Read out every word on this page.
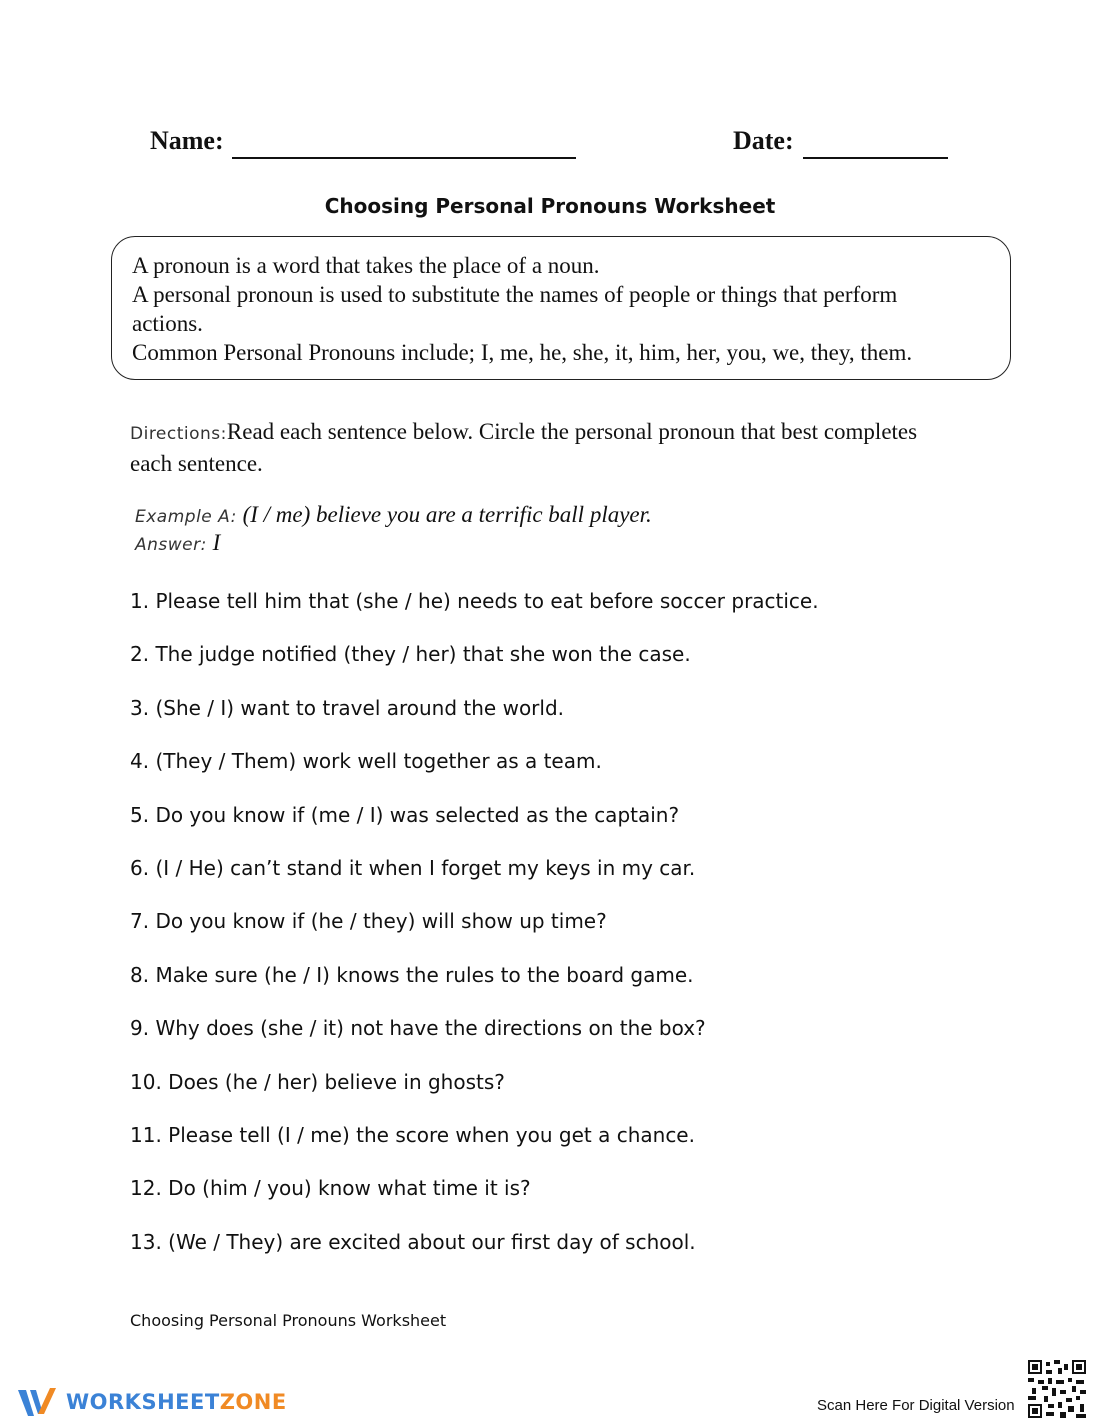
Name:	Date:
Choosing Personal Pronouns Worksheet
A pronoun is a word that takes the place of a noun.
A personal pronoun is used to substitute the names of people or things that perform
actions.
Common Personal Pronouns include; I, me, he, she, it, him, her, you, we, they, them.
Directions:Read each sentence below. Circle the personal pronoun that best completes each sentence.
Example A: (I / me) believe you are a terrific ball player.
Answer: I
1. Please tell him that (she / he) needs to eat before soccer practice.
2. The judge notified (they / her) that she won the case.
3. (She / I) want to travel around the world.
4. (They / Them) work well together as a team.
5. Do you know if (me / I) was selected as the captain?
6. (I / He) can’t stand it when I forget my keys in my car.
7. Do you know if (he / they) will show up time?
8. Make sure (he / I) knows the rules to the board game.
9. Why does (she / it) not have the directions on the box?
10. Does (he / her) believe in ghosts?
11. Please tell (I / me) the score when you get a chance.
12. Do (him / you) know what time it is?
13. (We / They) are excited about our first day of school.
Choosing Personal Pronouns Worksheet
WORKSHEETZONE	Scan Here For Digital Version
